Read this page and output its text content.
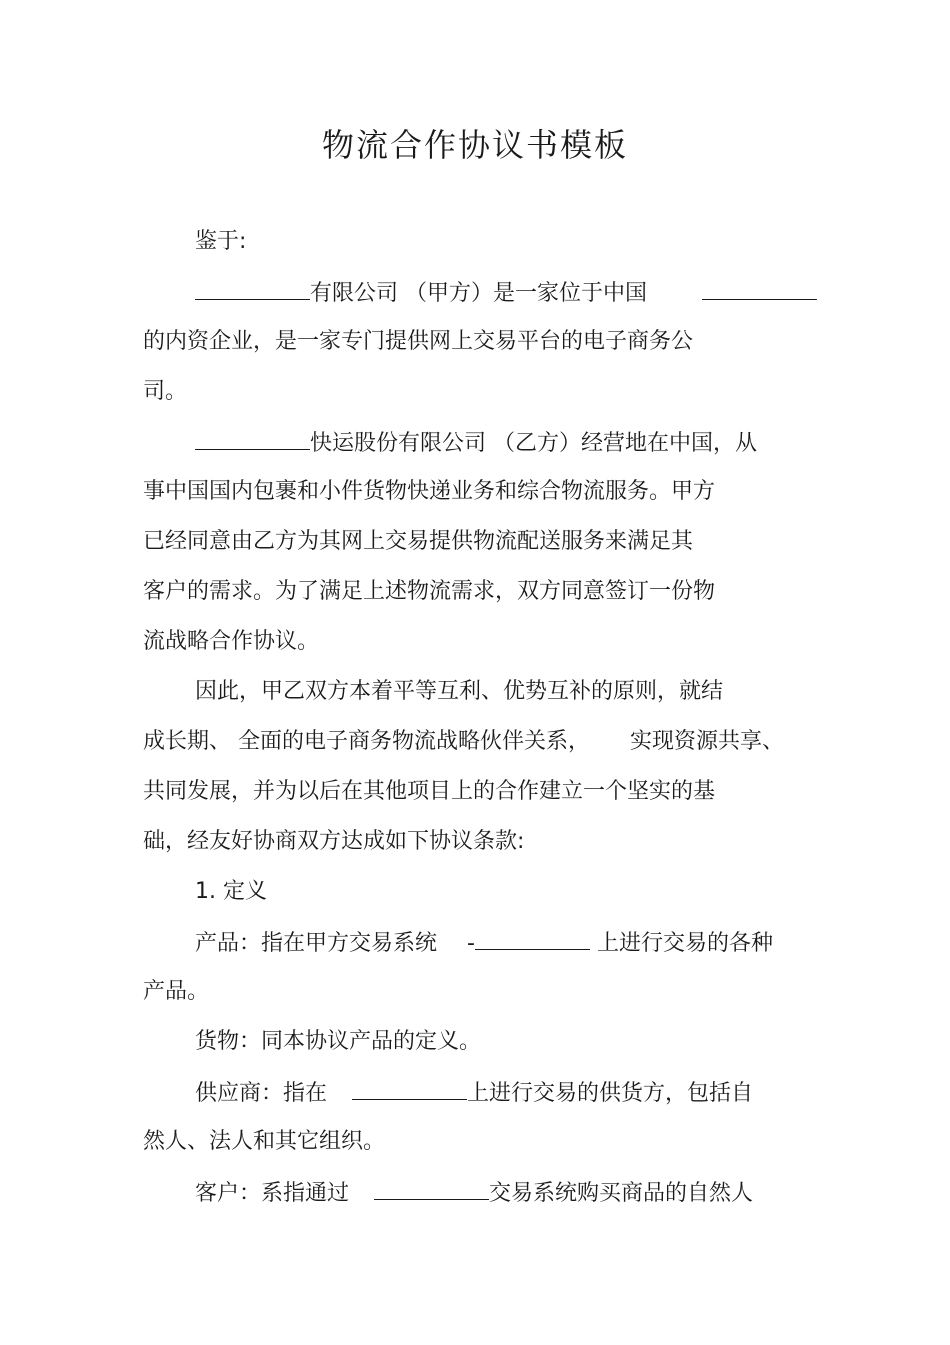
物流合作协议书模板
鉴于:
有限公司 （甲方）是一家位于中国
的内资企业，是一家专门提供网上交易平台的电子商务公
司。
快运股份有限公司 （乙方）经营地在中国，从
事中国国内包裹和小件货物快递业务和综合物流服务。甲方
已经同意由乙方为其网上交易提供物流配送服务来满足其
客户的需求。为了满足上述物流需求，双方同意签订一份物
流战略合作协议。
因此，甲乙双方本着平等互利、优势互补的原则，就结
成长期、 全面的电子商务物流战略伙伴关系， 实现资源共享、
共同发展，并为以后在其他项目上的合作建立一个坚实的基
础，经友好协商双方达成如下协议条款:
1. 定义
产品：指在甲方交易系统 -	上进行交易的各种
产品。
货物：同本协议产品的定义。
供应商：指在	上进行交易的供货方，包括自
然人、法人和其它组织。
客户：系指通过	交易系统购买商品的自然人
